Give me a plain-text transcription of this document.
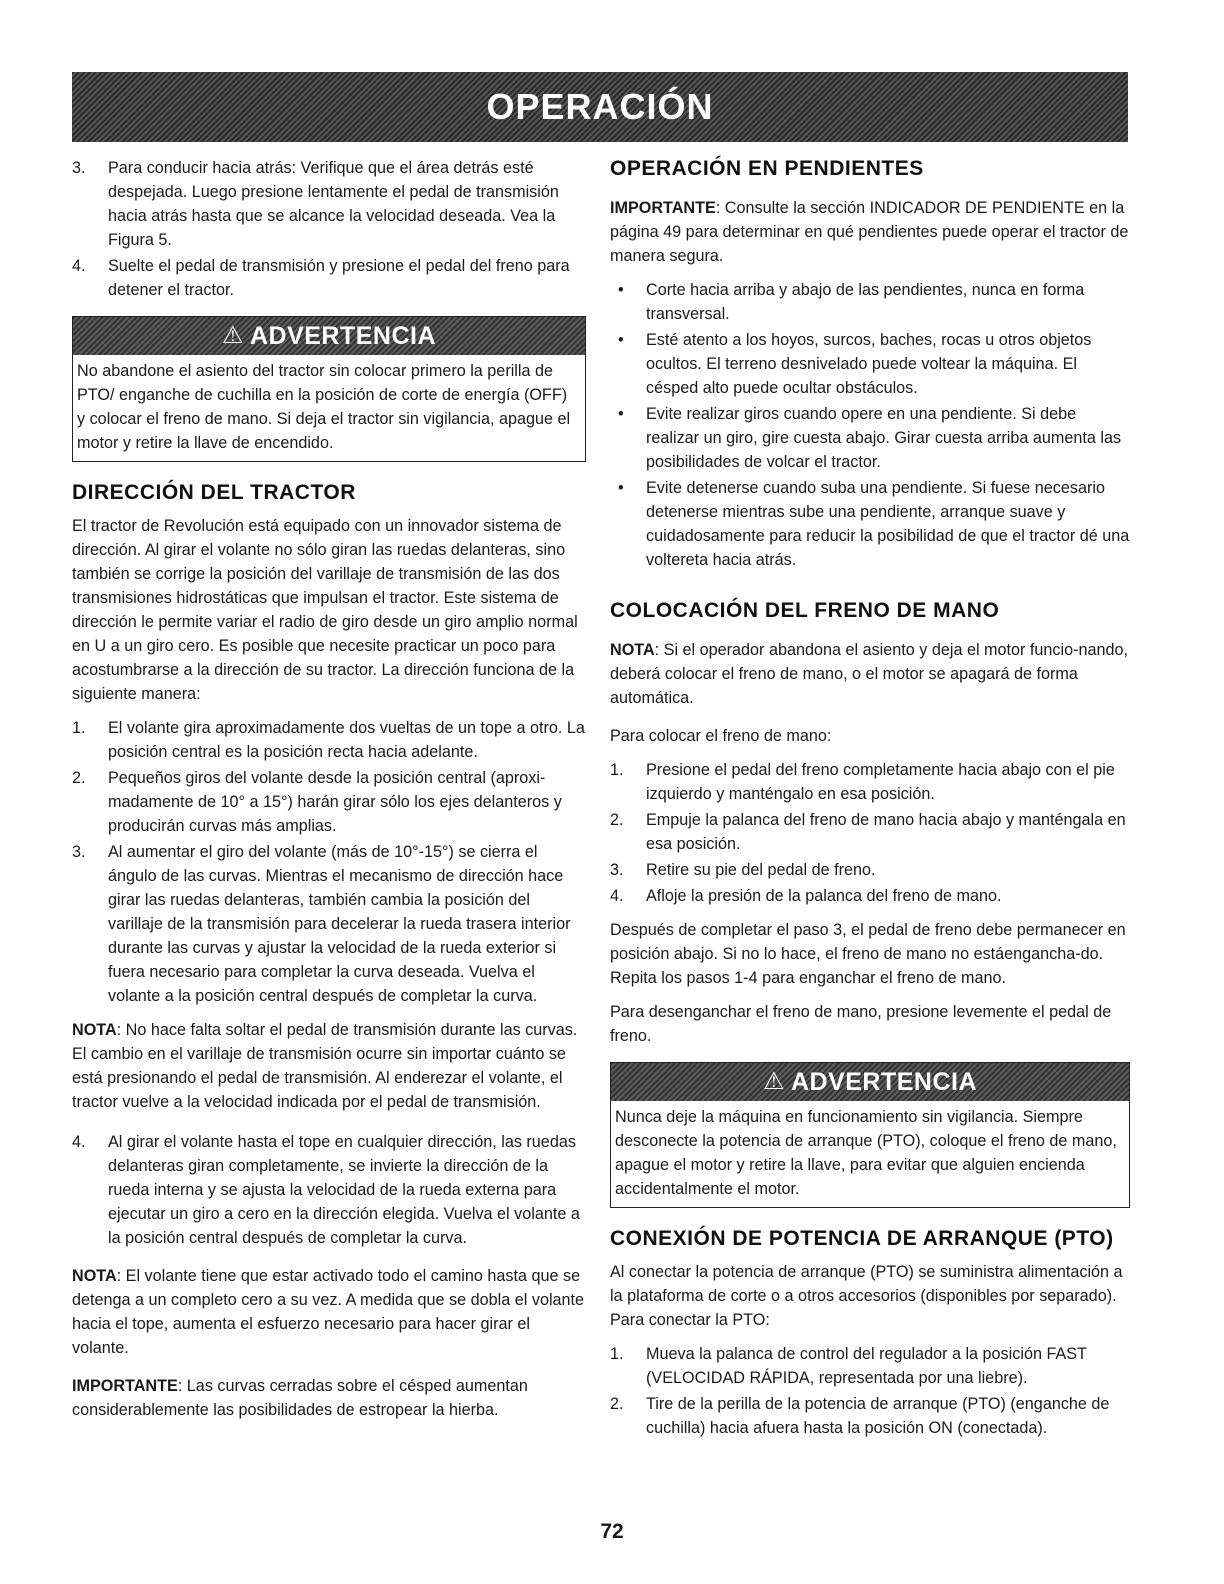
OPERACIÓN
3.	Para conducir hacia atrás: Verifique que el área detrás esté despejada. Luego presione lentamente el pedal de transmisión hacia atrás hasta que se alcance la velocidad deseada. Vea la Figura 5.
4.	Suelte el pedal de transmisión y presione el pedal del freno para detener el tractor.
⚠ ADVERTENCIA
No abandone el asiento del tractor sin colocar primero la perilla de PTO/ enganche de cuchilla en la posición de corte de energía (OFF) y colocar el freno de mano. Si deja el tractor sin vigilancia, apague el motor y retire la llave de encendido.
DIRECCIÓN DEL TRACTOR

El tractor de Revolución está equipado con un innovador sistema de dirección. Al girar el volante no sólo giran las ruedas delanteras, sino también se corrige la posición del varillaje de transmisión de las dos transmisiones hidrostáticas que impulsan el tractor. Este sistema de dirección le permite variar el radio de giro desde un giro amplio normal en U a un giro cero. Es posible que necesite practicar un poco para acostumbrarse a la dirección de su tractor. La dirección funciona de la siguiente manera:

1.	El volante gira aproximadamente dos vueltas de un tope a otro. La posición central es la posición recta hacia adelante.
2.	Pequeños giros del volante desde la posición central (aproxi-madamente de 10° a 15°) harán girar sólo los ejes delanteros y producirán curvas más amplias.
3.	Al aumentar el giro del volante (más de 10°-15°) se cierra el ángulo de las curvas. Mientras el mecanismo de dirección hace girar las ruedas delanteras, también cambia la posición del varillaje de la transmisión para decelerar la rueda trasera interior durante las curvas y ajustar la velocidad de la rueda exterior si fuera necesario para completar la curva deseada. Vuelva el volante a la posición central después de completar la curva.

NOTA: No hace falta soltar el pedal de transmisión durante las curvas. El cambio en el varillaje de transmisión ocurre sin importar cuánto se está presionando el pedal de transmisión. Al enderezar el volante, el tractor vuelve a la velocidad indicada por el pedal de transmisión.

4.	Al girar el volante hasta el tope en cualquier dirección, las ruedas delanteras giran completamente, se invierte la dirección de la rueda interna y se ajusta la velocidad de la rueda externa para ejecutar un giro a cero en la dirección elegida. Vuelva el volante a la posición central después de completar la curva.

NOTA: El volante tiene que estar activado todo el camino hasta que se detenga a un completo cero a su vez. A medida que se dobla el volante hacia el tope, aumenta el esfuerzo necesario para hacer girar el volante.

IMPORTANTE: Las curvas cerradas sobre el césped aumentan considerablemente las posibilidades de estropear la hierba.

OPERACIÓN EN PENDIENTES

IMPORTANTE: Consulte la sección INDICADOR DE PENDIENTE en la página 49 para determinar en qué pendientes puede operar el tractor de manera segura.

•	Corte hacia arriba y abajo de las pendientes, nunca en forma transversal.
•	Esté atento a los hoyos, surcos, baches, rocas u otros objetos ocultos. El terreno desnivelado puede voltear la máquina. El césped alto puede ocultar obstáculos.
•	Evite realizar giros cuando opere en una pendiente. Si debe realizar un giro, gire cuesta abajo. Girar cuesta arriba aumenta las posibilidades de volcar el tractor.
•	Evite detenerse cuando suba una pendiente. Si fuese necesario detenerse mientras sube una pendiente, arranque suave y cuidadosamente para reducir la posibilidad de que el tractor dé una voltereta hacia atrás.
COLOCACIÓN DEL FRENO DE MANO

NOTA: Si el operador abandona el asiento y deja el motor funcio-nando, deberá colocar el freno de mano, o el motor se apagará de forma automática.

Para colocar el freno de mano:

1.	Presione el pedal del freno completamente hacia abajo con el pie izquierdo y manténgalo en esa posición.
2.	Empuje la palanca del freno de mano hacia abajo y manténgala en esa posición.
3.	Retire su pie del pedal de freno.
4.	Afloje la presión de la palanca del freno de mano.

Después de completar el paso 3, el pedal de freno debe permanecer en posición abajo. Si no lo hace, el freno de mano no estáenganchа-do. Repita los pasos 1-4 para enganchar el freno de mano.

Para desenganchar el freno de mano, presione levemente el pedal de freno.

⚠ ADVERTENCIA
Nunca deje la máquina en funcionamiento sin vigilancia. Siempre desconecte la potencia de arranque (PTO), coloque el freno de mano, apague el motor y retire la llave, para evitar que alguien encienda accidentalmente el motor.
CONEXIÓN DE POTENCIA DE ARRANQUE (PTO)

Al conectar la potencia de arranque (PTO) se suministra alimentación a la plataforma de corte o a otros accesorios (disponibles por separado). Para conectar la PTO:

1.	Mueva la palanca de control del regulador a la posición FAST (VELOCIDAD RÁPIDA, representada por una liebre).
2.	Tire de la perilla de la potencia de arranque (PTO) (enganche de cuchilla) hacia afuera hasta la posición ON (conectada).
72
